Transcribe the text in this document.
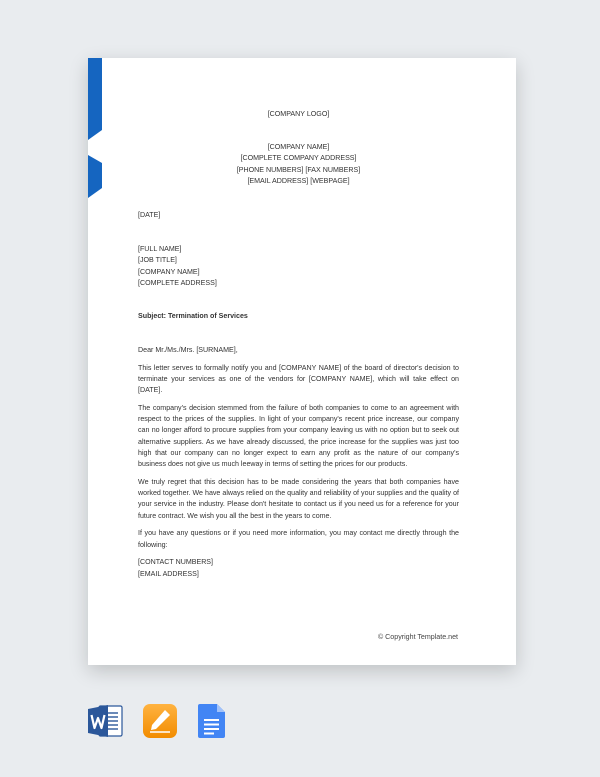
[COMPANY LOGO]
[COMPANY NAME]
[COMPLETE COMPANY ADDRESS]
[PHONE NUMBERS] [FAX NUMBERS]
[EMAIL ADDRESS] [WEBPAGE]
[DATE]
[FULL NAME]
[JOB TITLE]
[COMPANY NAME]
[COMPLETE ADDRESS]
Subject: Termination of Services

Dear Mr./Ms./Mrs. [SURNAME],

This letter serves to formally notify you and [COMPANY NAME] of the board of director's decision to terminate your services as one of the vendors for [COMPANY NAME], which will take effect on [DATE].

The company's decision stemmed from the failure of both companies to come to an agreement with respect to the prices of the supplies. In light of your company's recent price increase, our company can no longer afford to procure supplies from your company leaving us with no option but to seek out alternative suppliers. As we have already discussed, the price increase for the supplies was just too high that our company can no longer expect to earn any profit as the nature of our company's business does not give us much leeway in terms of setting the prices for our products.

We truly regret that this decision has to be made considering the years that both companies have worked together. We have always relied on the quality and reliability of your supplies and the quality of your service in the industry. Please don't hesitate to contact us if you need us for a reference for your future contract. We wish you all the best in the years to come.

If you have any questions or if you need more information, you may contact me directly through the following:

[CONTACT NUMBERS]
[EMAIL ADDRESS]
© Copyright Template.net
